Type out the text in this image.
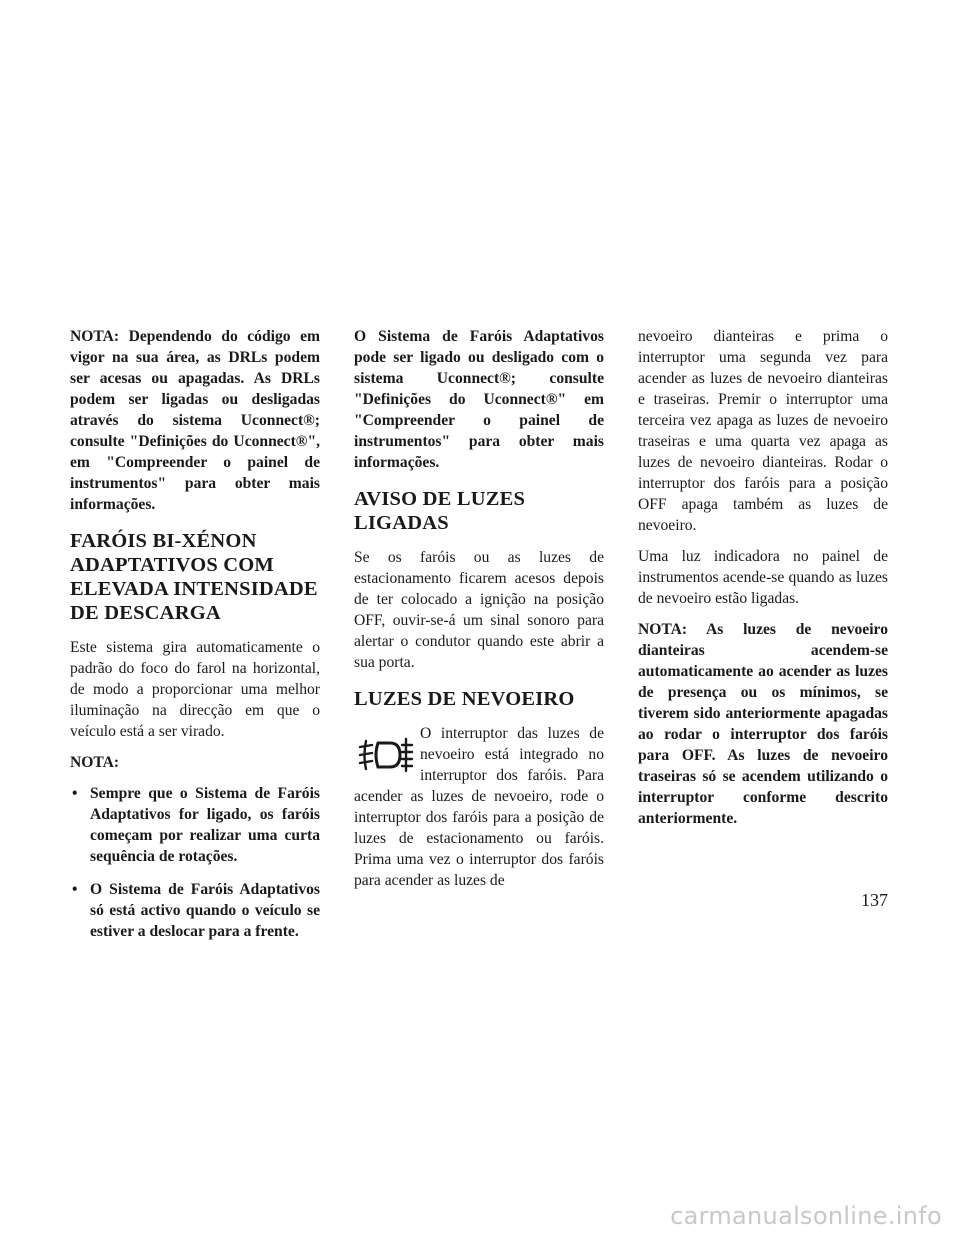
NOTA: Dependendo do código em vigor na sua área, as DRLs podem ser acesas ou apagadas. As DRLs podem ser ligadas ou desligadas através do sistema Uconnect®; consulte "Definições do Uconnect®", em "Compreender o painel de instrumentos" para obter mais informações.

FARÓIS BI-XÉNON ADAPTATIVOS COM ELEVADA INTENSIDADE DE DESCARGA

Este sistema gira automaticamente o padrão do foco do farol na horizontal, de modo a proporcionar uma melhor iluminação na direcção em que o veículo está a ser virado.

NOTA:

• Sempre que o Sistema de Faróis Adaptativos for ligado, os faróis começam por realizar uma curta sequência de rotações.
• O Sistema de Faróis Adaptativos só está activo quando o veículo se estiver a deslocar para a frente.

O Sistema de Faróis Adaptativos pode ser ligado ou desligado com o sistema Uconnect®; consulte "Definições do Uconnect®" em "Compreender o painel de instrumentos" para obter mais informações.

AVISO DE LUZES LIGADAS

Se os faróis ou as luzes de estacionamento ficarem acesos depois de ter colocado a ignição na posição OFF, ouvir-se-á um sinal sonoro para alertar o condutor quando este abrir a sua porta.

LUZES DE NEVOEIRO

O interruptor das luzes de nevoeiro está integrado no interruptor dos faróis. Para acender as luzes de nevoeiro, rode o interruptor dos faróis para a posição de luzes de estacionamento ou faróis. Prima uma vez o interruptor dos faróis para acender as luzes de

nevoeiro dianteiras e prima o interruptor uma segunda vez para acender as luzes de nevoeiro dianteiras e traseiras. Premir o interruptor uma terceira vez apaga as luzes de nevoeiro traseiras e uma quarta vez apaga as luzes de nevoeiro dianteiras. Rodar o interruptor dos faróis para a posição OFF apaga também as luzes de nevoeiro.

Uma luz indicadora no painel de instrumentos acende-se quando as luzes de nevoeiro estão ligadas.

NOTA: As luzes de nevoeiro dianteiras acendem-se automaticamente ao acender as luzes de presença ou os mínimos, se tiverem sido anteriormente apagadas ao rodar o interruptor dos faróis para OFF. As luzes de nevoeiro traseiras só se acendem utilizando o interruptor conforme descrito anteriormente.

137
carmanualsonline.info
